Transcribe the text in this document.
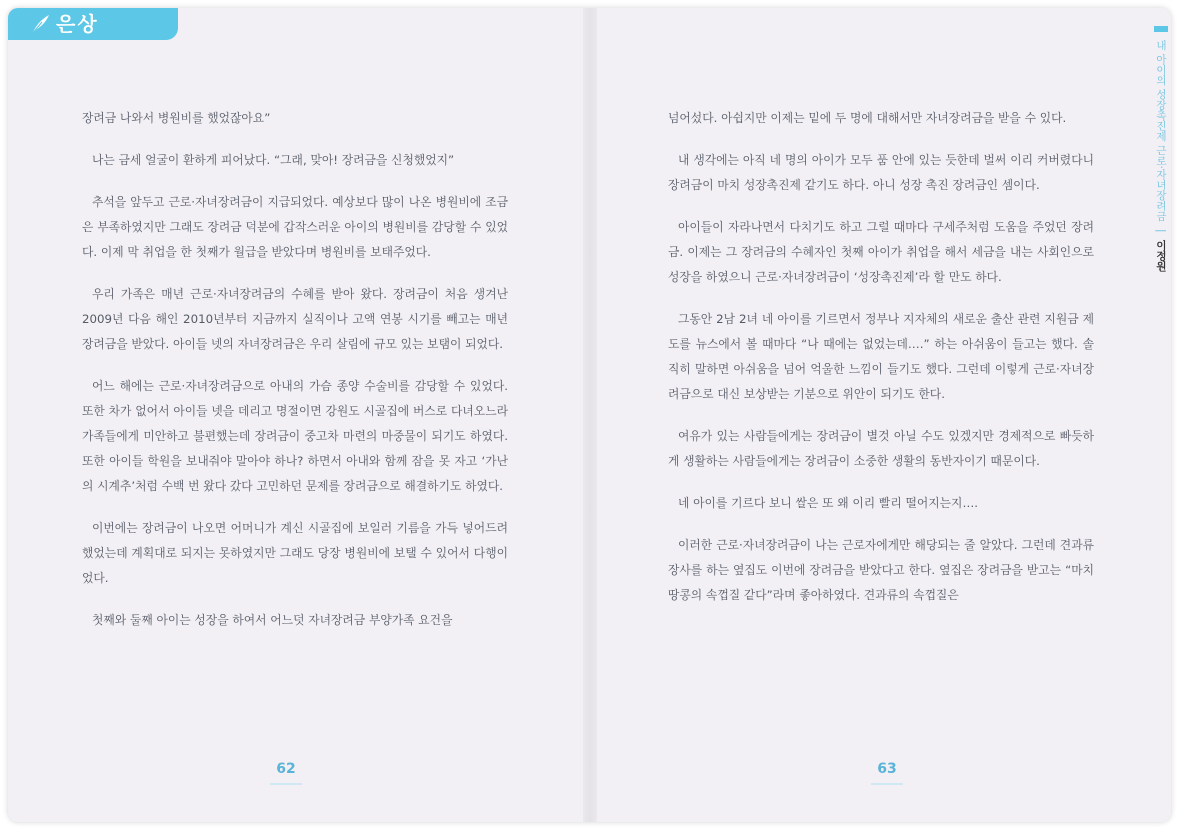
은상

장려금 나와서 병원비를 했었잖아요”

나는 금세 얼굴이 환하게 피어났다. “그래, 맞아! 장려금을 신청했었지”

추석을 앞두고 근로·자녀장려금이 지급되었다. 예상보다 많이 나온 병원비에 조금은 부족하였지만 그래도 장려금 덕분에 갑작스러운 아이의 병원비를 감당할 수 있었다. 이제 막 취업을 한 첫째가 월급을 받았다며 병원비를 보태주었다.

우리 가족은 매년 근로·자녀장려금의 수혜를 받아 왔다. 장려금이 처음 생겨난 2009년 다음 해인 2010년부터 지금까지 실직이나 고액 연봉 시기를 빼고는 매년 장려금을 받았다. 아이들 넷의 자녀장려금은 우리 살림에 규모 있는 보탬이 되었다.

어느 해에는 근로·자녀장려금으로 아내의 가슴 종양 수술비를 감당할 수 있었다. 또한 차가 없어서 아이들 넷을 데리고 명절이면 강원도 시골집에 버스로 다녀오느라 가족들에게 미안하고 불편했는데 장려금이 중고차 마련의 마중물이 되기도 하였다. 또한 아이들 학원을 보내줘야 말아야 하나? 하면서 아내와 함께 잠을 못 자고 ‘가난의 시계추’처럼 수백 번 왔다 갔다 고민하던 문제를 장려금으로 해결하기도 하였다.

이번에는 장려금이 나오면 어머니가 계신 시골집에 보일러 기름을 가득 넣어드려 했었는데 계획대로 되지는 못하였지만 그래도 당장 병원비에 보탤 수 있어서 다행이었다.

첫째와 둘째 아이는 성장을 하여서 어느덧 자녀장려금 부양가족 요건을

넘어섰다. 아쉽지만 이제는 밑에 두 명에 대해서만 자녀장려금을 받을 수 있다.

내 생각에는 아직 네 명의 아이가 모두 품 안에 있는 듯한데 벌써 이리 커버렸다니 장려금이 마치 성장촉진제 같기도 하다. 아니 성장 촉진 장려금인 셈이다.

아이들이 자라나면서 다치기도 하고 그럴 때마다 구세주처럼 도움을 주었던 장려금. 이제는 그 장려금의 수혜자인 첫째 아이가 취업을 해서 세금을 내는 사회인으로 성장을 하였으니 근로·자녀장려금이 ‘성장촉진제’라 할 만도 하다.

그동안 2남 2녀 네 아이를 기르면서 정부나 지자체의 새로운 출산 관련 지원금 제도를 뉴스에서 볼 때마다 “나 때에는 없었는데….” 하는 아쉬움이 들고는 했다. 솔직히 말하면 아쉬움을 넘어 억울한 느낌이 들기도 했다. 그런데 이렇게 근로·자녀장려금으로 대신 보상받는 기분으로 위안이 되기도 한다.

여유가 있는 사람들에게는 장려금이 별것 아닐 수도 있겠지만 경제적으로 빠듯하게 생활하는 사람들에게는 장려금이 소중한 생활의 동반자이기 때문이다.

네 아이를 기르다 보니 쌀은 또 왜 이리 빨리 떨어지는지….

이러한 근로·자녀장려금이 나는 근로자에게만 해당되는 줄 알았다. 그런데 견과류 장사를 하는 옆집도 이번에 장려금을 받았다고 한다. 옆집은 장려금을 받고는 “마치 땅콩의 속껍질 같다”라며 좋아하였다. 견과류의 속껍질은

62	63
내 아이의 성장촉진제 근로·자녀장려금 | 이정원
